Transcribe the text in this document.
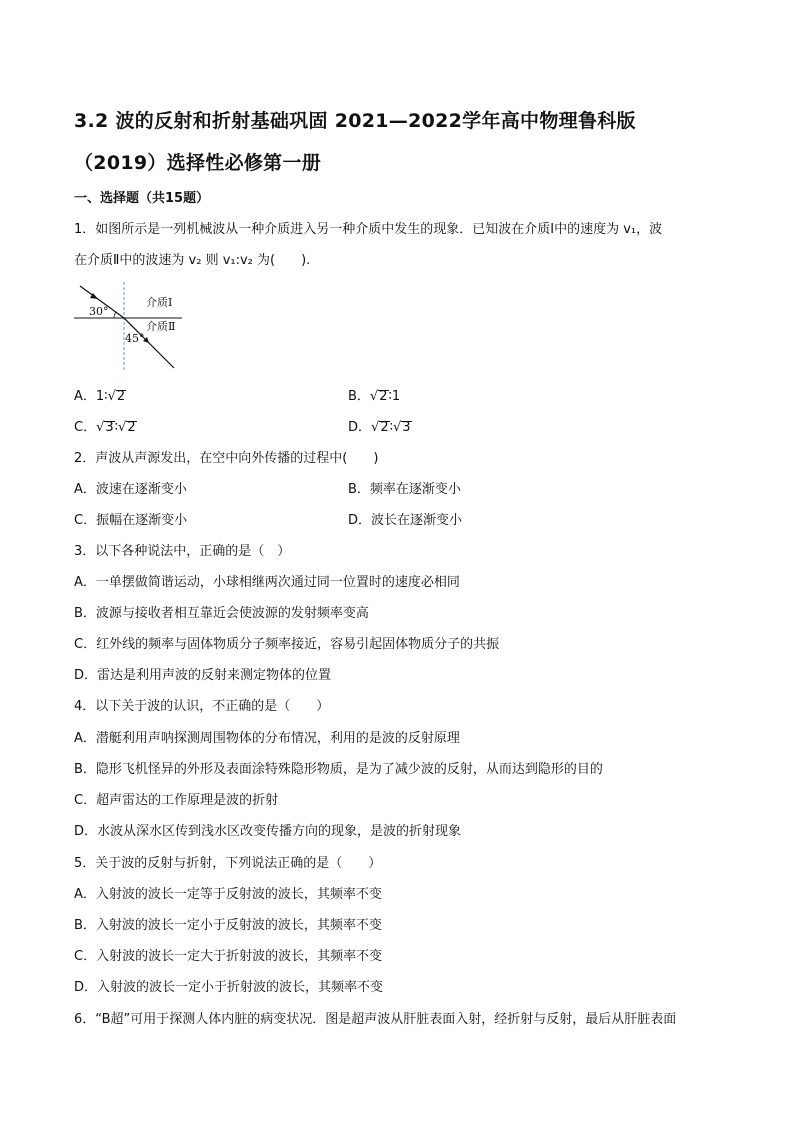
3.2 波的反射和折射基础巩固 2021—2022学年高中物理鲁科版
（2019）选择性必修第一册
一、选择题（共15题）
1．如图所示是一列机械波从一种介质进入另一种介质中发生的现象．已知波在介质Ⅰ中的速度为 v₁，波
在介质Ⅱ中的波速为 v₂ 则 v₁:v₂ 为(　　).
30°
45°
介质Ⅰ
介质Ⅱ
A．1∶√2	B．√2∶1
C．√3∶√2	D．√2∶√3
2．声波从声源发出，在空中向外传播的过程中(　　)
A．波速在逐渐变小	B．频率在逐渐变小
C．振幅在逐渐变小	D．波长在逐渐变小
3．以下各种说法中，正确的是（　）
A．一单摆做简谐运动，小球相继两次通过同一位置时的速度必相同
B．波源与接收者相互靠近会使波源的发射频率变高
C．红外线的频率与固体物质分子频率接近，容易引起固体物质分子的共振
D．雷达是利用声波的反射来测定物体的位置
4．以下关于波的认识，不正确的是（　　）
A．潜艇利用声呐探测周围物体的分布情况，利用的是波的反射原理
B．隐形飞机怪异的外形及表面涂特殊隐形物质，是为了减少波的反射，从而达到隐形的目的
C．超声雷达的工作原理是波的折射
D．水波从深水区传到浅水区改变传播方向的现象，是波的折射现象
5．关于波的反射与折射，下列说法正确的是（　　）
A．入射波的波长一定等于反射波的波长，其频率不变
B．入射波的波长一定小于反射波的波长，其频率不变
C．入射波的波长一定大于折射波的波长，其频率不变
D．入射波的波长一定小于折射波的波长，其频率不变
6．“B超”可用于探测人体内脏的病变状况．图是超声波从肝脏表面入射，经折射与反射，最后从肝脏表面
